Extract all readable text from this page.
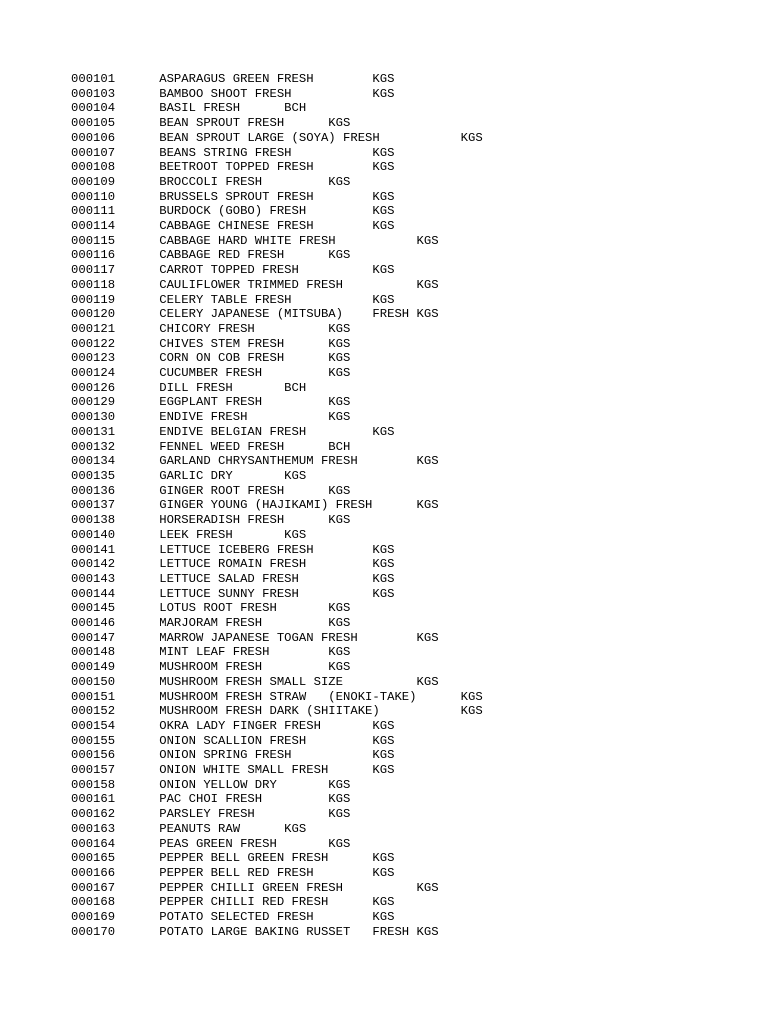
000101      ASPARAGUS GREEN FRESH        KGS
000103      BAMBOO SHOOT FRESH           KGS
000104      BASIL FRESH      BCH
000105      BEAN SPROUT FRESH      KGS
000106      BEAN SPROUT LARGE (SOYA) FRESH           KGS
000107      BEANS STRING FRESH           KGS
000108      BEETROOT TOPPED FRESH        KGS
000109      BROCCOLI FRESH         KGS
000110      BRUSSELS SPROUT FRESH        KGS
000111      BURDOCK (GOBO) FRESH         KGS
000114      CABBAGE CHINESE FRESH        KGS
000115      CABBAGE HARD WHITE FRESH           KGS
000116      CABBAGE RED FRESH      KGS
000117      CARROT TOPPED FRESH          KGS
000118      CAULIFLOWER TRIMMED FRESH          KGS
000119      CELERY TABLE FRESH           KGS
000120      CELERY JAPANESE (MITSUBA)    FRESH KGS
000121      CHICORY FRESH          KGS
000122      CHIVES STEM FRESH      KGS
000123      CORN ON COB FRESH      KGS
000124      CUCUMBER FRESH         KGS
000126      DILL FRESH       BCH
000129      EGGPLANT FRESH         KGS
000130      ENDIVE FRESH           KGS
000131      ENDIVE BELGIAN FRESH         KGS
000132      FENNEL WEED FRESH      BCH
000134      GARLAND CHRYSANTHEMUM FRESH        KGS
000135      GARLIC DRY       KGS
000136      GINGER ROOT FRESH      KGS
000137      GINGER YOUNG (HAJIKAMI) FRESH      KGS
000138      HORSERADISH FRESH      KGS
000140      LEEK FRESH       KGS
000141      LETTUCE ICEBERG FRESH        KGS
000142      LETTUCE ROMAIN FRESH         KGS
000143      LETTUCE SALAD FRESH          KGS
000144      LETTUCE SUNNY FRESH          KGS
000145      LOTUS ROOT FRESH       KGS
000146      MARJORAM FRESH         KGS
000147      MARROW JAPANESE TOGAN FRESH        KGS
000148      MINT LEAF FRESH        KGS
000149      MUSHROOM FRESH         KGS
000150      MUSHROOM FRESH SMALL SIZE          KGS
000151      MUSHROOM FRESH STRAW   (ENOKI-TAKE)      KGS
000152      MUSHROOM FRESH DARK (SHIITAKE)           KGS
000154      OKRA LADY FINGER FRESH       KGS
000155      ONION SCALLION FRESH         KGS
000156      ONION SPRING FRESH           KGS
000157      ONION WHITE SMALL FRESH      KGS
000158      ONION YELLOW DRY       KGS
000161      PAC CHOI FRESH         KGS
000162      PARSLEY FRESH          KGS
000163      PEANUTS RAW      KGS
000164      PEAS GREEN FRESH       KGS
000165      PEPPER BELL GREEN FRESH      KGS
000166      PEPPER BELL RED FRESH        KGS
000167      PEPPER CHILLI GREEN FRESH          KGS
000168      PEPPER CHILLI RED FRESH      KGS
000169      POTATO SELECTED FRESH        KGS
000170      POTATO LARGE BAKING RUSSET   FRESH KGS
